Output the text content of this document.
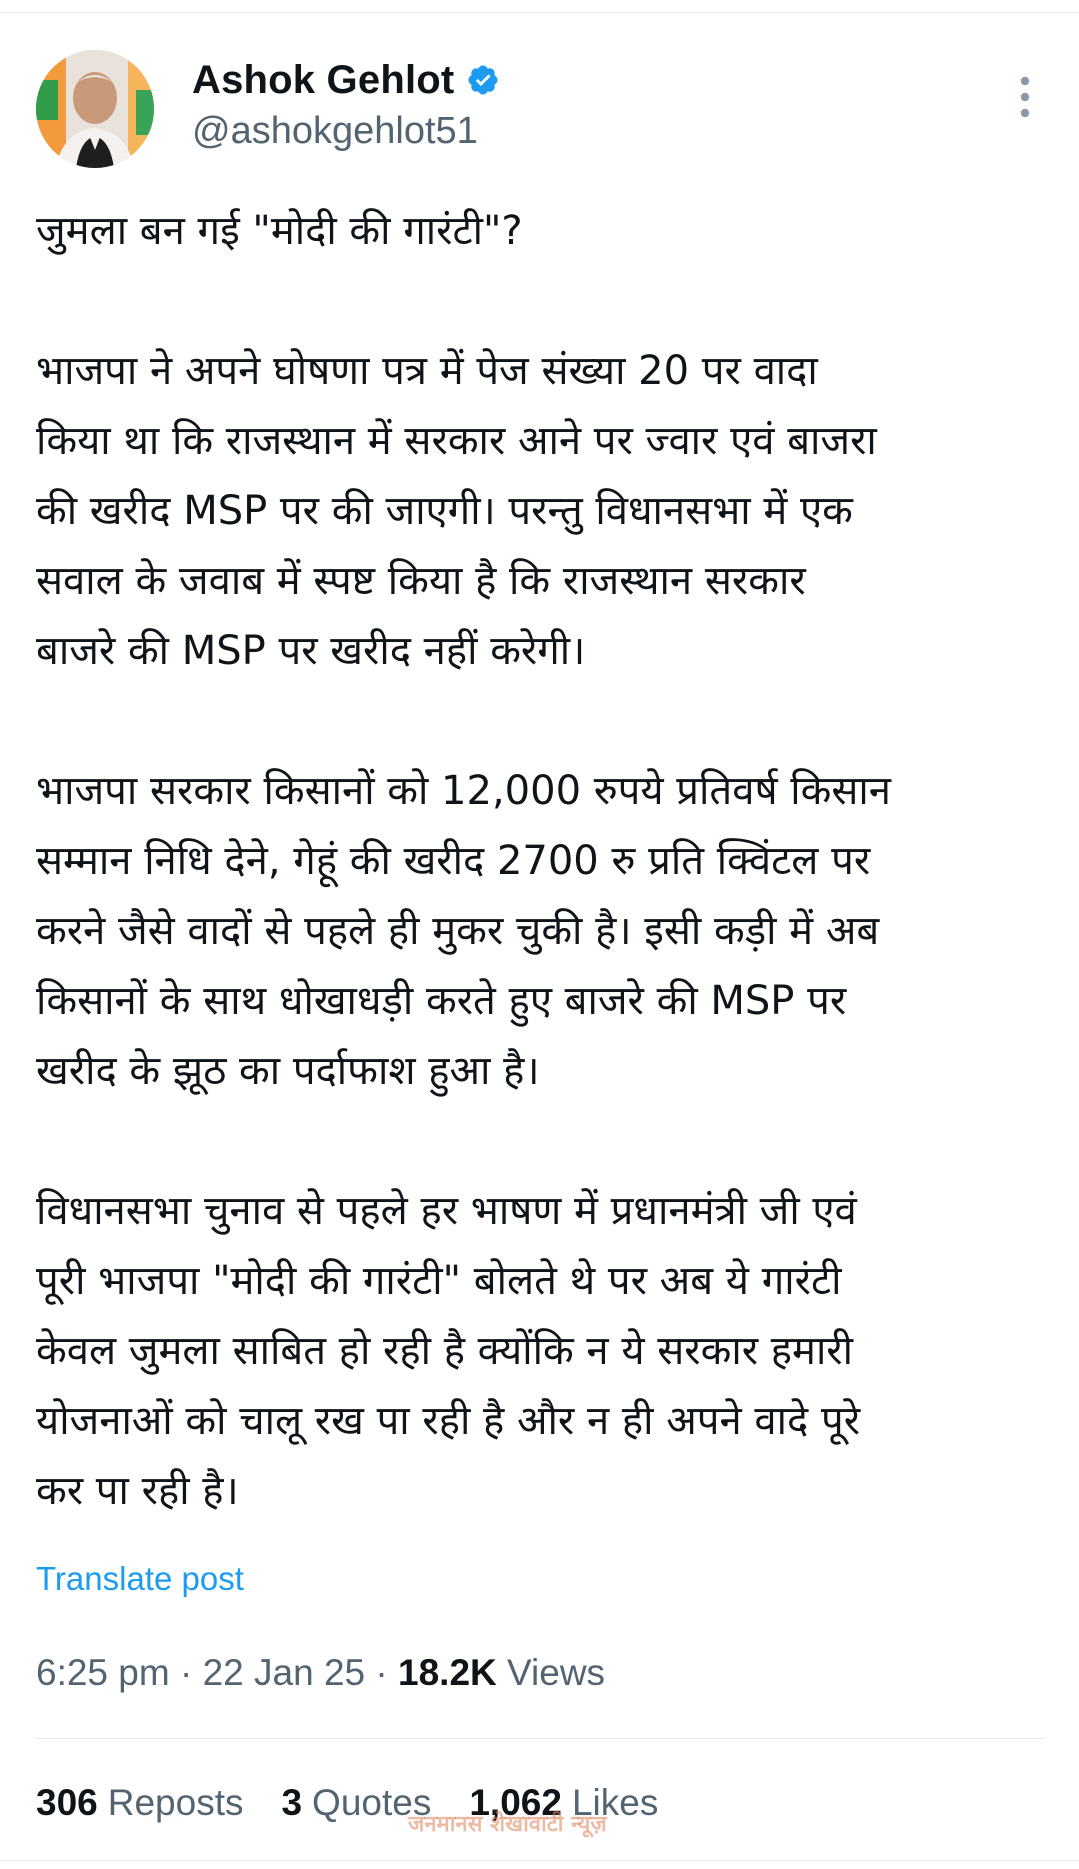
Ashok Gehlot
@ashokgehlot51

जुमला बन गई "मोदी की गारंटी"?

भाजपा ने अपने घोषणा पत्र में पेज संख्या 20 पर वादा
किया था कि राजस्थान में सरकार आने पर ज्वार एवं बाजरा
की खरीद MSP पर की जाएगी। परन्तु विधानसभा में एक
सवाल के जवाब में स्पष्ट किया है कि राजस्थान सरकार
बाजरे की MSP पर खरीद नहीं करेगी।

भाजपा सरकार किसानों को 12,000 रुपये प्रतिवर्ष किसान
सम्मान निधि देने, गेहूं की खरीद 2700 रु प्रति क्विंटल पर
करने जैसे वादों से पहले ही मुकर चुकी है। इसी कड़ी में अब
किसानों के साथ धोखाधड़ी करते हुए बाजरे की MSP पर
खरीद के झूठ का पर्दाफाश हुआ है।

विधानसभा चुनाव से पहले हर भाषण में प्रधानमंत्री जी एवं
पूरी भाजपा "मोदी की गारंटी" बोलते थे पर अब ये गारंटी
केवल जुमला साबित हो रही है क्योंकि न ये सरकार हमारी
योजनाओं को चालू रख पा रही है और न ही अपने वादे पूरे
कर पा रही है।

Translate post
6:25 pm · 22 Jan 25 · 18.2K Views
306 Reposts 3 Quotes 1,062 Likes
जनमानस शेखावाटी न्यूज़
